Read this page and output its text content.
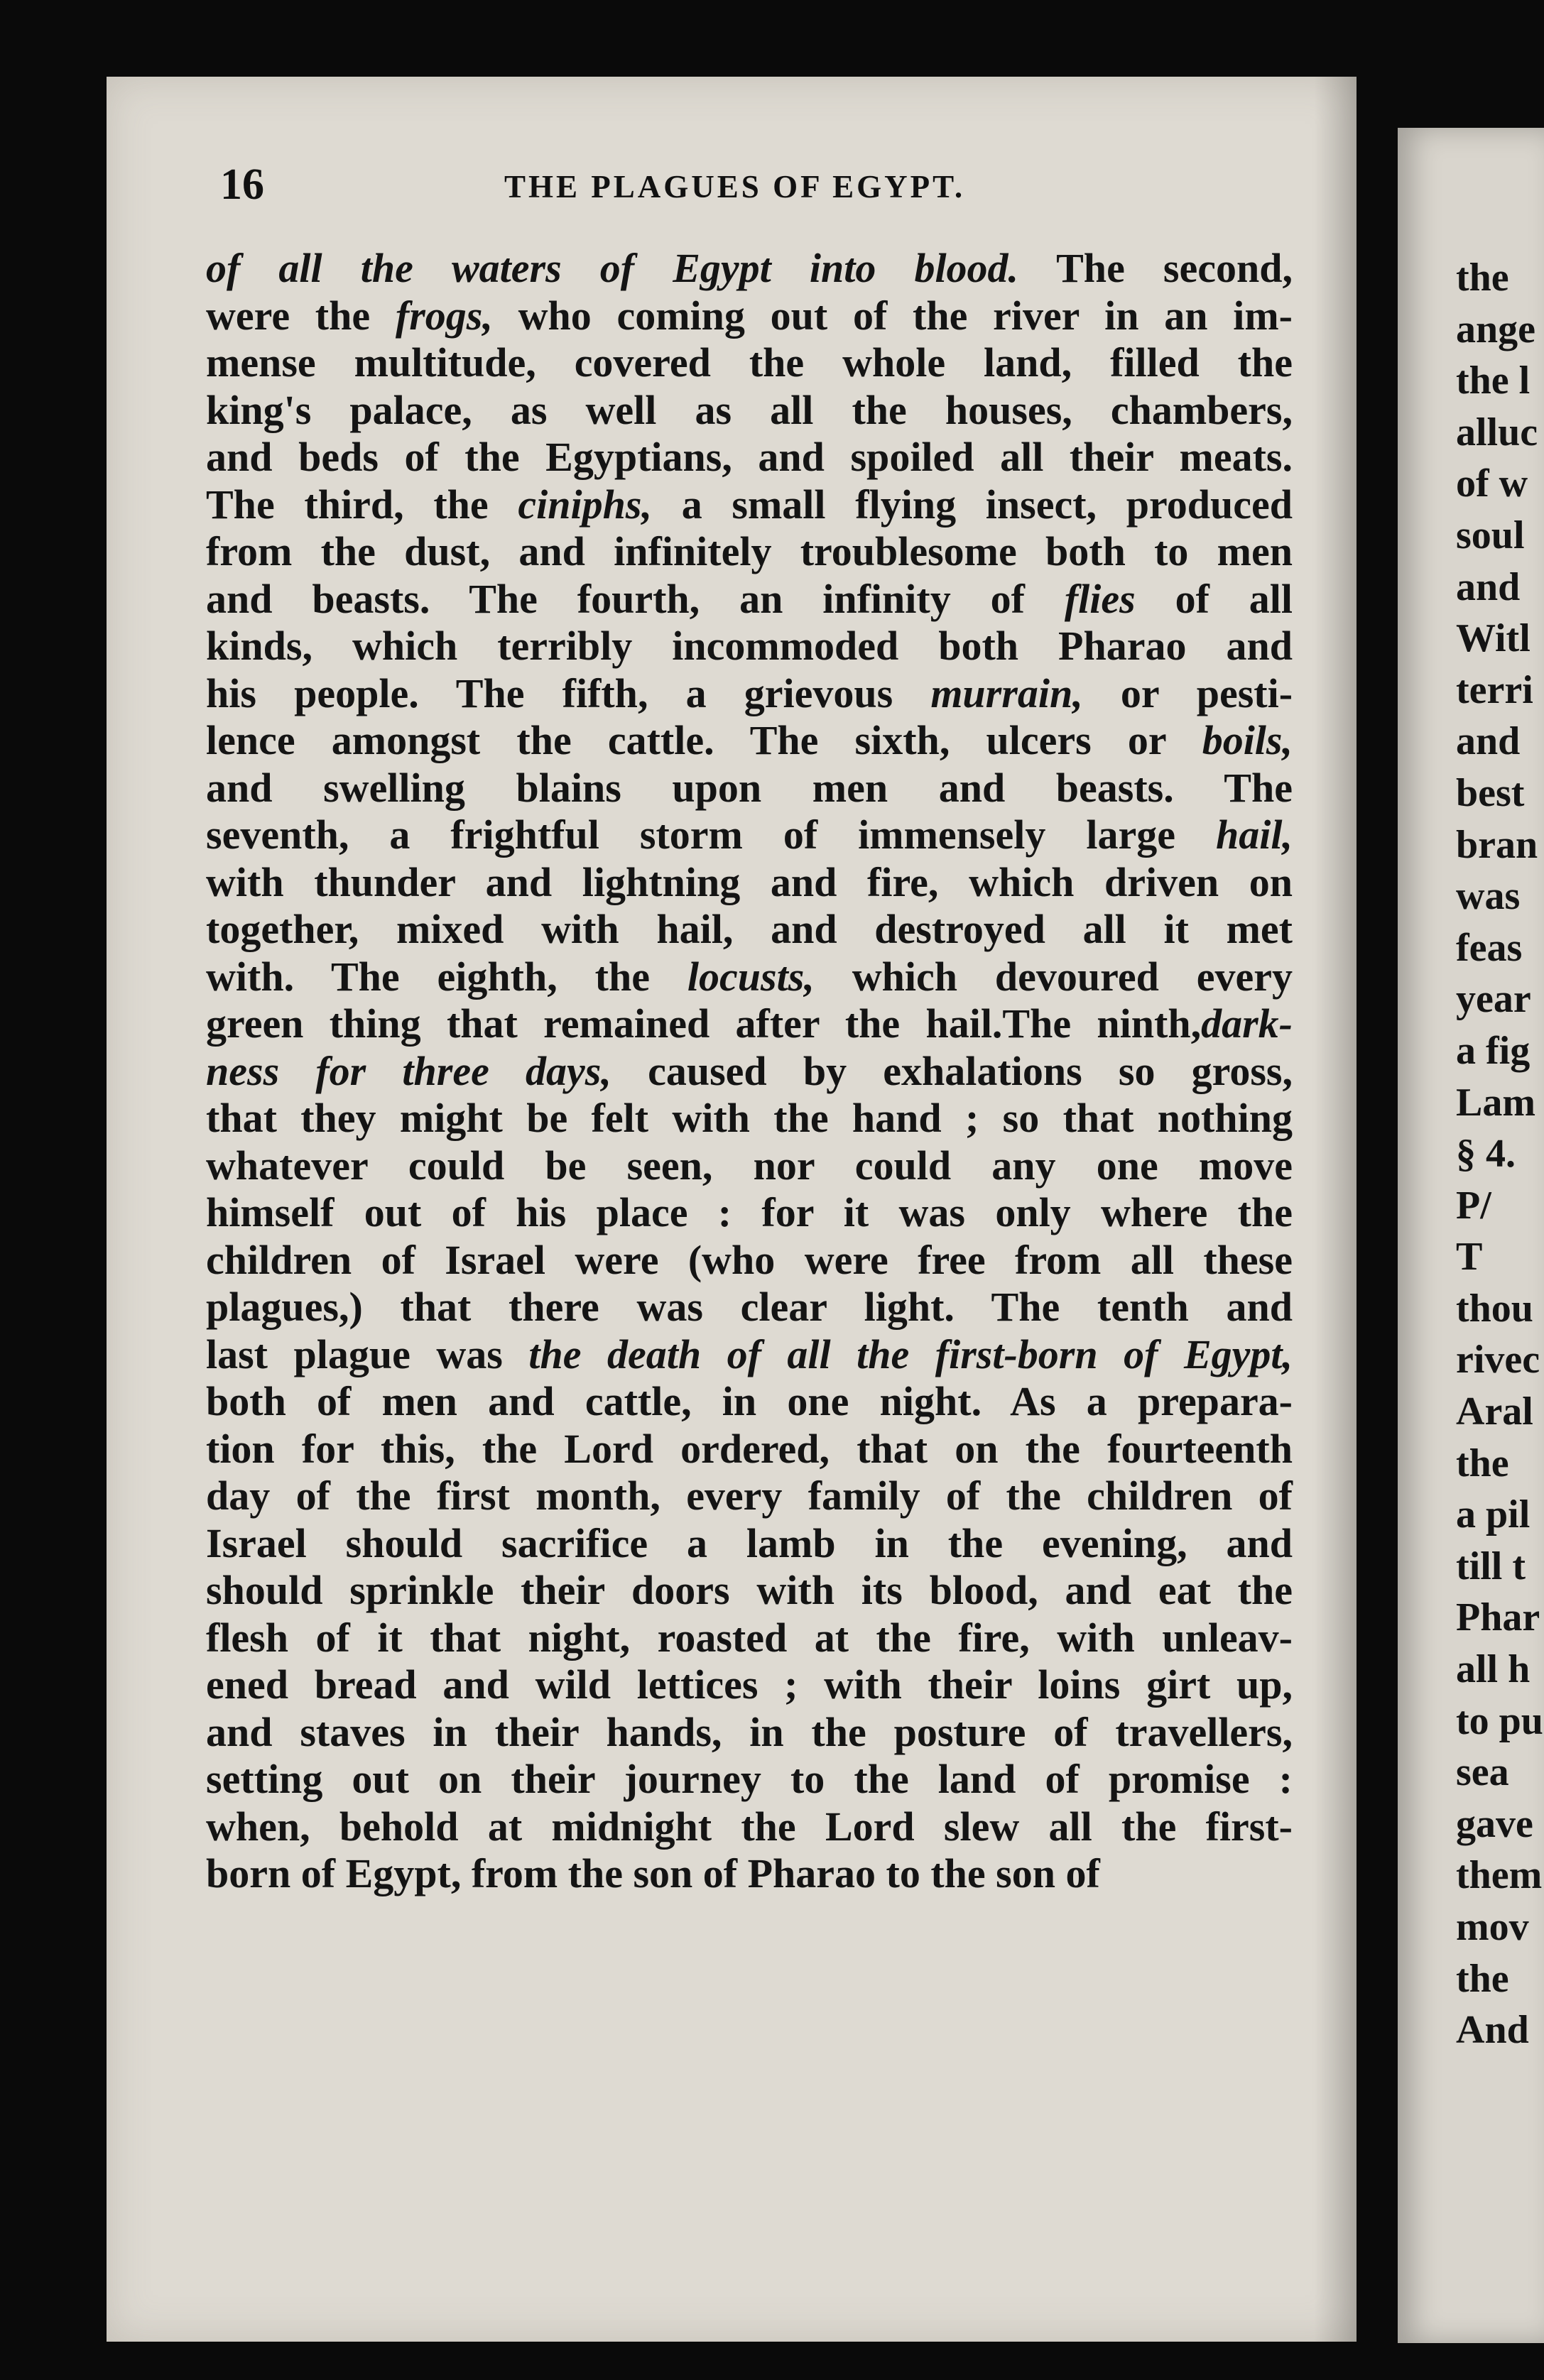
16	THE PLAGUES OF EGYPT.
of all the waters of Egypt into blood. The second,
were the frogs, who coming out of the river in an im-
mense multitude, covered the whole land, filled the
king's palace, as well as all the houses, chambers,
and beds of the Egyptians, and spoiled all their meats.
The third, the ciniphs, a small flying insect, produced
from the dust, and infinitely troublesome both to men
and beasts. The fourth, an infinity of flies of all
kinds, which terribly incommoded both Pharao and
his people. The fifth, a grievous murrain, or pesti-
lence amongst the cattle. The sixth, ulcers or boils,
and swelling blains upon men and beasts. The
seventh, a frightful storm of immensely large hail,
with thunder and lightning and fire, which driven on
together, mixed with hail, and destroyed all it met
with. The eighth, the locusts, which devoured every
green thing that remained after the hail.The ninth,dark-
ness for three days, caused by exhalations so gross,
that they might be felt with the hand ; so that nothing
whatever could be seen, nor could any one move
himself out of his place : for it was only where the
children of Israel were (who were free from all these
plagues,) that there was clear light. The tenth and
last plague was the death of all the first-born of Egypt,
both of men and cattle, in one night. As a prepara-
tion for this, the Lord ordered, that on the fourteenth
day of the first month, every family of the children of
Israel should sacrifice a lamb in the evening, and
should sprinkle their doors with its blood, and eat the
flesh of it that night, roasted at the fire, with unleav-
ened bread and wild lettices ; with their loins girt up,
and staves in their hands, in the posture of travellers,
setting out on their journey to the land of promise :
when, behold at midnight the Lord slew all the first-
born of Egypt, from the son of Pharao to the son of
the
ange
the l
alluc
of w
soul
and
Witl
terri
and
best
bran
was
feas
year
a fig
Lam
§ 4.
P/
T
thou
rivec
Aral
the
a pil
till t
Phar
all h
to pu
sea
gave
them
mov
the
And
